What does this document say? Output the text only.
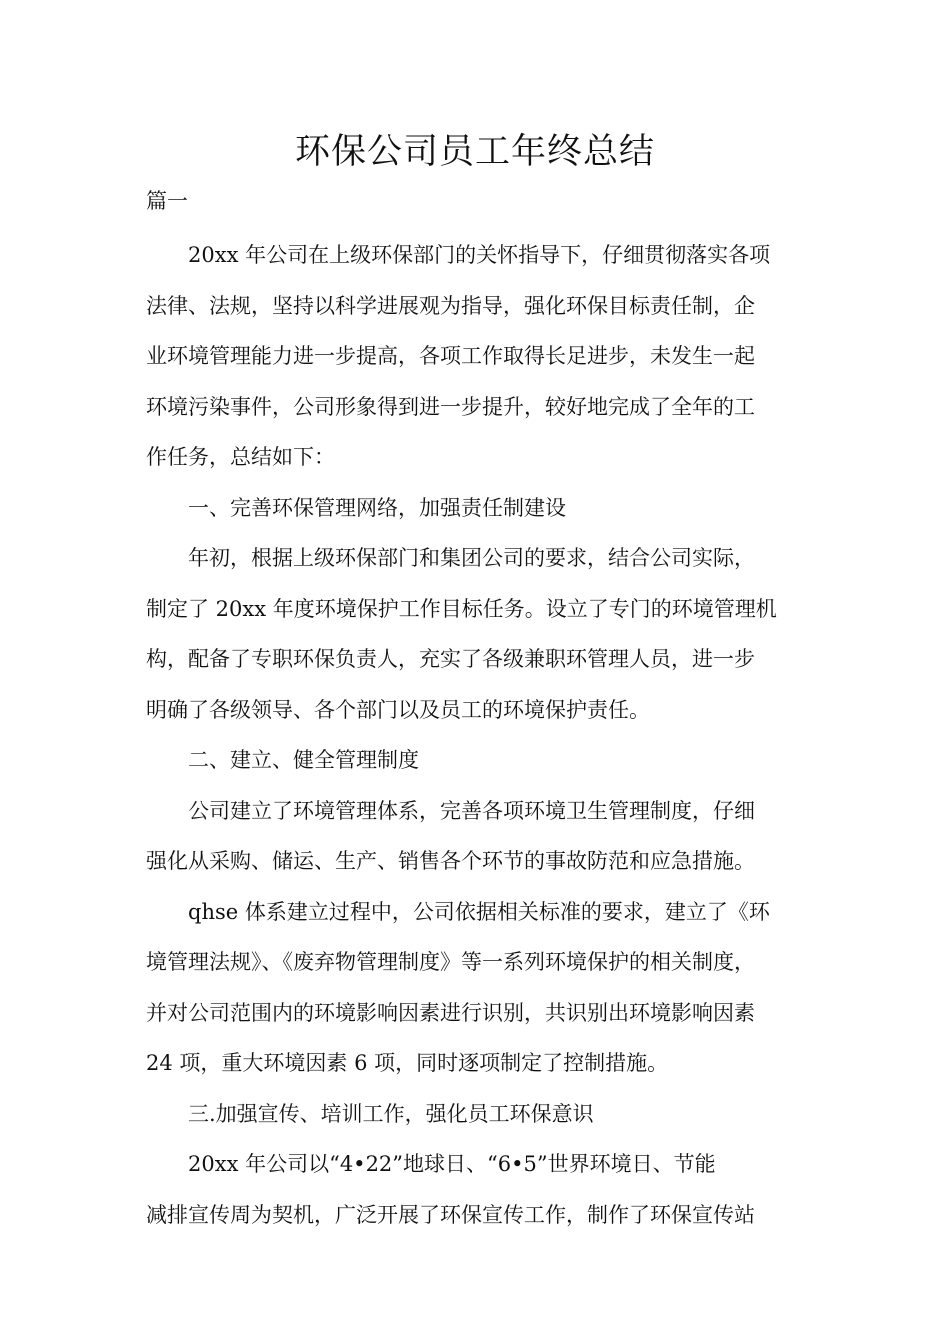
环保公司员工年终总结

篇一

20xx 年公司在上级环保部门的关怀指导下，仔细贯彻落实各项
法律、法规，坚持以科学进展观为指导，强化环保目标责任制，企
业环境管理能力进一步提高，各项工作取得长足进步，未发生一起
环境污染事件，公司形象得到进一步提升，较好地完成了全年的工
作任务，总结如下：

一、完善环保管理网络，加强责任制建设

年初，根据上级环保部门和集团公司的要求，结合公司实际，
制定了 20xx 年度环境保护工作目标任务。设立了专门的环境管理机
构，配备了专职环保负责人，充实了各级兼职环管理人员，进一步
明确了各级领导、各个部门以及员工的环境保护责任。

二、建立、健全管理制度

公司建立了环境管理体系，完善各项环境卫生管理制度，仔细
强化从采购、储运、生产、销售各个环节的事故防范和应急措施。

qhse 体系建立过程中，公司依据相关标准的要求，建立了《环
境管理法规》、《废弃物管理制度》等一系列环境保护的相关制度，
并对公司范围内的环境影响因素进行识别，共识别出环境影响因素
24 项，重大环境因素 6 项，同时逐项制定了控制措施。

三.加强宣传、培训工作，强化员工环保意识

20xx 年公司以“4•22”地球日、“6•5”世界环境日、节能
减排宣传周为契机，广泛开展了环保宣传工作，制作了环保宣传站
